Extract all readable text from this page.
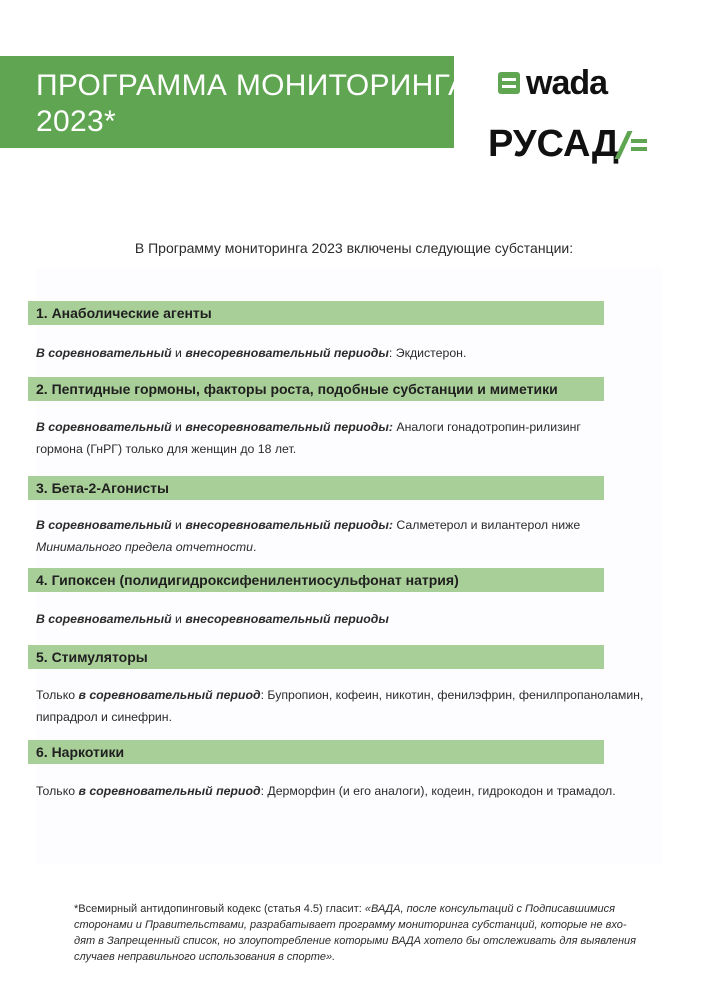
ПРОГРАММА МОНИТОРИНГА
2023*
wada
РУСАД
В Программу мониторинга 2023 включены следующие субстанции:
1. Анаболические агенты
В соревновательный и внесоревновательный периоды: Экдистерон.
2. Пептидные гормоны, факторы роста, подобные субстанции и миметики
В соревновательный и внесоревновательный периоды: Аналоги гонадотропин-рилизинг
гормона (ГнРГ) только для женщин до 18 лет.
3. Бета-2-Агонисты
В соревновательный и внесоревновательный периоды: Салметерол и вилантерол ниже
Минимального предела отчетности.
4. Гипоксен (полидигидроксифенилентиосульфонат натрия)
В соревновательный и внесоревновательный периоды
5. Стимуляторы
Только в соревновательный период: Бупропион, кофеин, никотин, фенилэфрин, фенилпропаноламин,
пипрадрол и синефрин.
6. Наркотики
Только в соревновательный период: Дерморфин (и его аналоги), кодеин, гидрокодон и трамадол.
*Всемирный антидопинговый кодекс (статья 4.5) гласит: «ВАДА, после консультаций с Подписавшимися
сторонами и Правительствами, разрабатывает программу мониторинга субстанций, которые не вхо-
дят в Запрещенный список, но злоупотребление которыми ВАДА хотело бы отслеживать для выявления
случаев неправильного использования в спорте».
